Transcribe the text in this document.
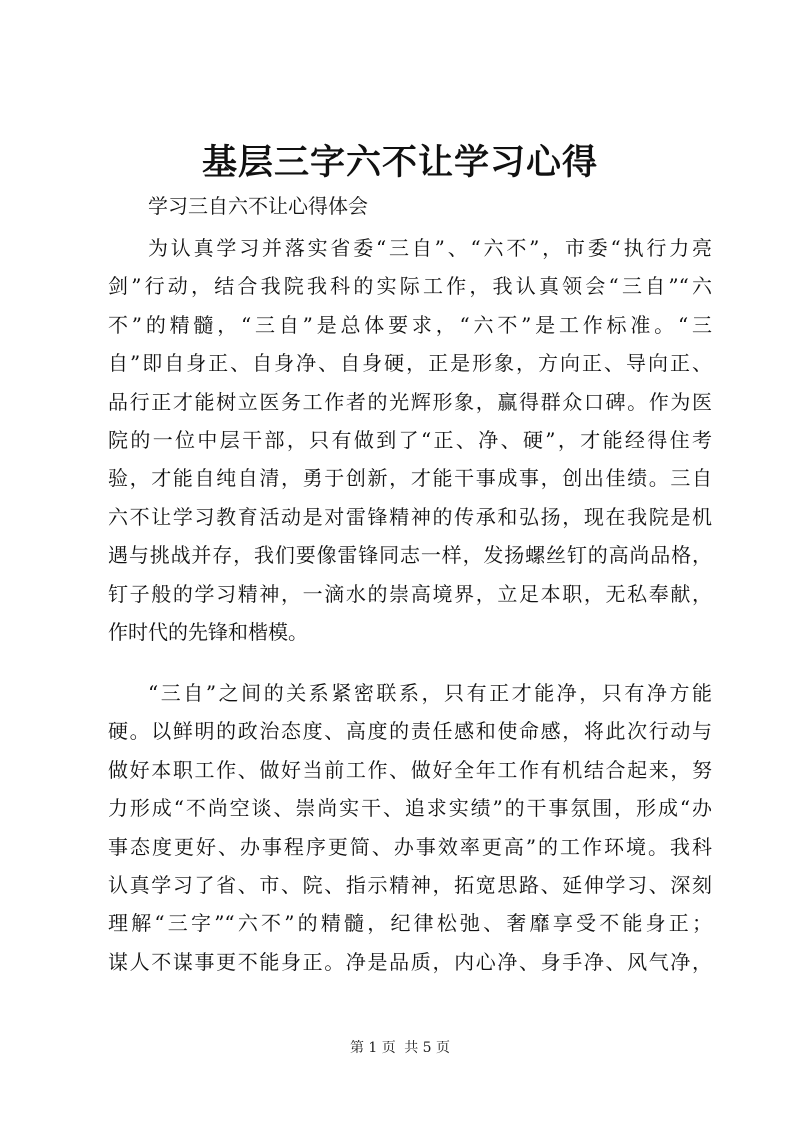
基层三字六不让学习心得
学习三自六不让心得体会
为认真学习并落实省委“三自”、“六不”，市委“执行力亮
剑”行动，结合我院我科的实际工作，我认真领会“三自”“六
不”的精髓，“三自”是总体要求，“六不”是工作标准。“三
自”即自身正、自身净、自身硬，正是形象，方向正、导向正、
品行正才能树立医务工作者的光辉形象，赢得群众口碑。作为医
院的一位中层干部，只有做到了“正、净、硬”，才能经得住考
验，才能自纯自清，勇于创新，才能干事成事，创出佳绩。三自
六不让学习教育活动是对雷锋精神的传承和弘扬，现在我院是机
遇与挑战并存，我们要像雷锋同志一样，发扬螺丝钉的高尚品格，
钉子般的学习精神，一滴水的崇高境界，立足本职，无私奉献，
作时代的先锋和楷模。
“三自”之间的关系紧密联系，只有正才能净，只有净方能
硬。以鲜明的政治态度、高度的责任感和使命感，将此次行动与
做好本职工作、做好当前工作、做好全年工作有机结合起来，努
力形成“不尚空谈、崇尚实干、追求实绩”的干事氛围，形成“办
事态度更好、办事程序更简、办事效率更高”的工作环境。我科
认真学习了省、市、院、指示精神，拓宽思路、延伸学习、深刻
理解“三字”“六不”的精髓，纪律松弛、奢靡享受不能身正；
谋人不谋事更不能身正。净是品质，内心净、身手净、风气净，
第 1 页 共 5 页
